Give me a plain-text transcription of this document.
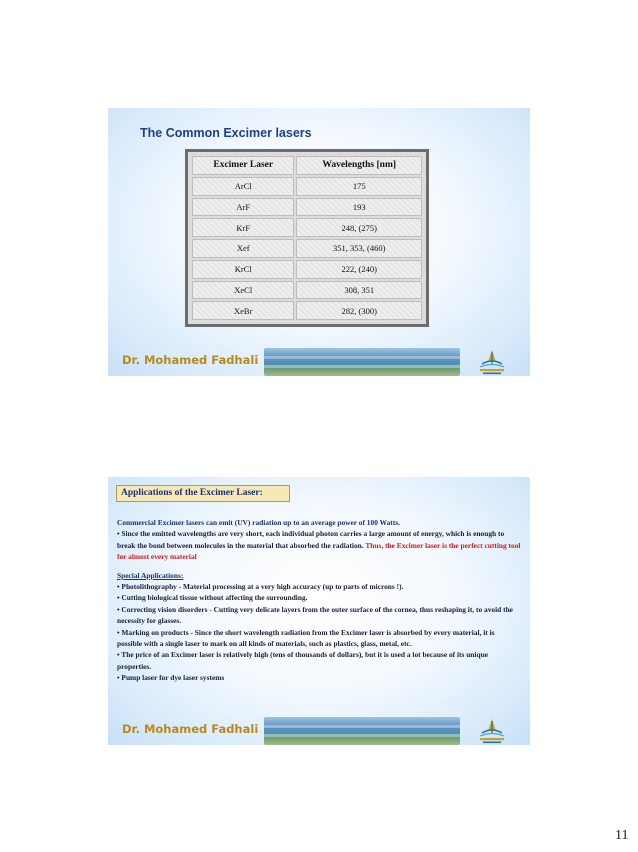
The Common Excimer lasers
Excimer Laser	Wavelengths [nm]
ArCl	175
ArF	193
KrF	248, (275)
Xef	351, 353, (460)
KrCl	222, (240)
XeCl	308, 351
XeBr	282, (300)
Dr. Mohamed Fadhali
Applications of the Excimer Laser:

Commercial Excimer lasers can emit (UV) radiation up to an average power of 100 Watts.

• Since the emitted wavelengths are very short, each individual photon carries a large amount of energy, which is enough to break the bond between molecules in the material that absorbed the radiation. Thus, the Excimer laser is the perfect cutting tool for almost every material

Special Applications:

• Photolithography - Material processing at a very high accuracy (up to parts of microns !).

• Cutting biological tissue without affecting the surrounding.

• Correcting vision disorders - Cutting very delicate layers from the outer surface of the cornea, thus reshaping it, to avoid the necessity for glasses.

• Marking on products - Since the short wavelength radiation from the Excimer laser is absorbed by every material, it is possible with a single laser to mark on all kinds of materials, such as plastics, glass, metal, etc.

• The price of an Excimer laser is relatively high (tens of thousands of dollars), but it is used a lot because of its unique properties.

• Pump laser for dye laser systems

Dr. Mohamed Fadhali
11
